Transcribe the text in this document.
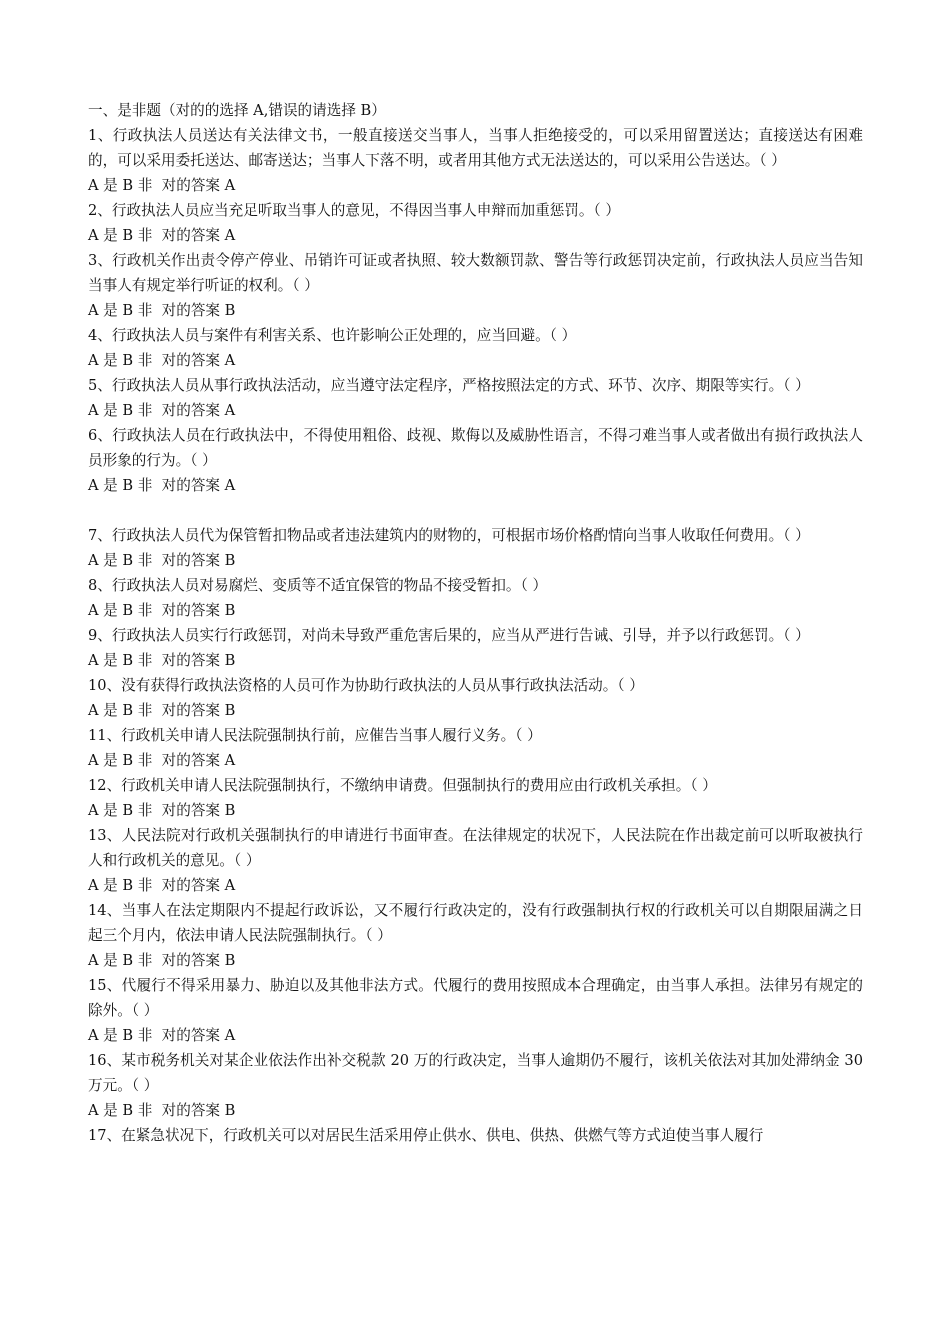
一、是非题（对的的选择 A,错误的请选择 B）
1、行政执法人员送达有关法律文书，一般直接送交当事人，当事人拒绝接受的，可以采用留置送达；直接送达有困难的，可以采用委托送达、邮寄送达；当事人下落不明，或者用其他方式无法送达的，可以采用公告送达。（ ）
A 是 B 非  对的答案 A
2、行政执法人员应当充足听取当事人的意见，不得因当事人申辩而加重惩罚。（ ）
A 是 B 非  对的答案 A
3、行政机关作出责令停产停业、吊销许可证或者执照、较大数额罚款、警告等行政惩罚决定前，行政执法人员应当告知当事人有规定举行听证的权利。（ ）
A 是 B 非  对的答案 B
4、行政执法人员与案件有利害关系、也许影响公正处理的，应当回避。（ ）
A 是 B 非  对的答案 A
5、行政执法人员从事行政执法活动，应当遵守法定程序，严格按照法定的方式、环节、次序、期限等实行。（ ）
A 是 B 非  对的答案 A
6、行政执法人员在行政执法中，不得使用粗俗、歧视、欺侮以及威胁性语言，不得刁难当事人或者做出有损行政执法人员形象的行为。（ ）
A 是 B 非  对的答案 A
7、行政执法人员代为保管暂扣物品或者违法建筑内的财物的，可根据市场价格酌情向当事人收取任何费用。（ ）
A 是 B 非  对的答案 B
8、行政执法人员对易腐烂、变质等不适宜保管的物品不接受暂扣。（ ）
A 是 B 非  对的答案 B
9、行政执法人员实行行政惩罚，对尚未导致严重危害后果的，应当从严进行告诫、引导，并予以行政惩罚。（ ）
A 是 B 非  对的答案 B
10、没有获得行政执法资格的人员可作为协助行政执法的人员从事行政执法活动。（ ）
A 是 B 非  对的答案 B
11、行政机关申请人民法院强制执行前，应催告当事人履行义务。（ ）
A 是 B 非  对的答案 A
12、行政机关申请人民法院强制执行，不缴纳申请费。但强制执行的费用应由行政机关承担。（ ）
A 是 B 非  对的答案 B
13、人民法院对行政机关强制执行的申请进行书面审查。在法律规定的状况下，人民法院在作出裁定前可以听取被执行人和行政机关的意见。（ ）
A 是 B 非  对的答案 A
14、当事人在法定期限内不提起行政诉讼，又不履行行政决定的，没有行政强制执行权的行政机关可以自期限届满之日起三个月内，依法申请人民法院强制执行。（ ）
A 是 B 非  对的答案 B
15、代履行不得采用暴力、胁迫以及其他非法方式。代履行的费用按照成本合理确定，由当事人承担。法律另有规定的除外。（ ）
A 是 B 非  对的答案 A
16、某市税务机关对某企业依法作出补交税款 20 万的行政决定，当事人逾期仍不履行，该机关依法对其加处滞纳金 30 万元。（ ）
A 是 B 非  对的答案 B
17、在紧急状况下，行政机关可以对居民生活采用停止供水、供电、供热、供燃气等方式迫使当事人履行
